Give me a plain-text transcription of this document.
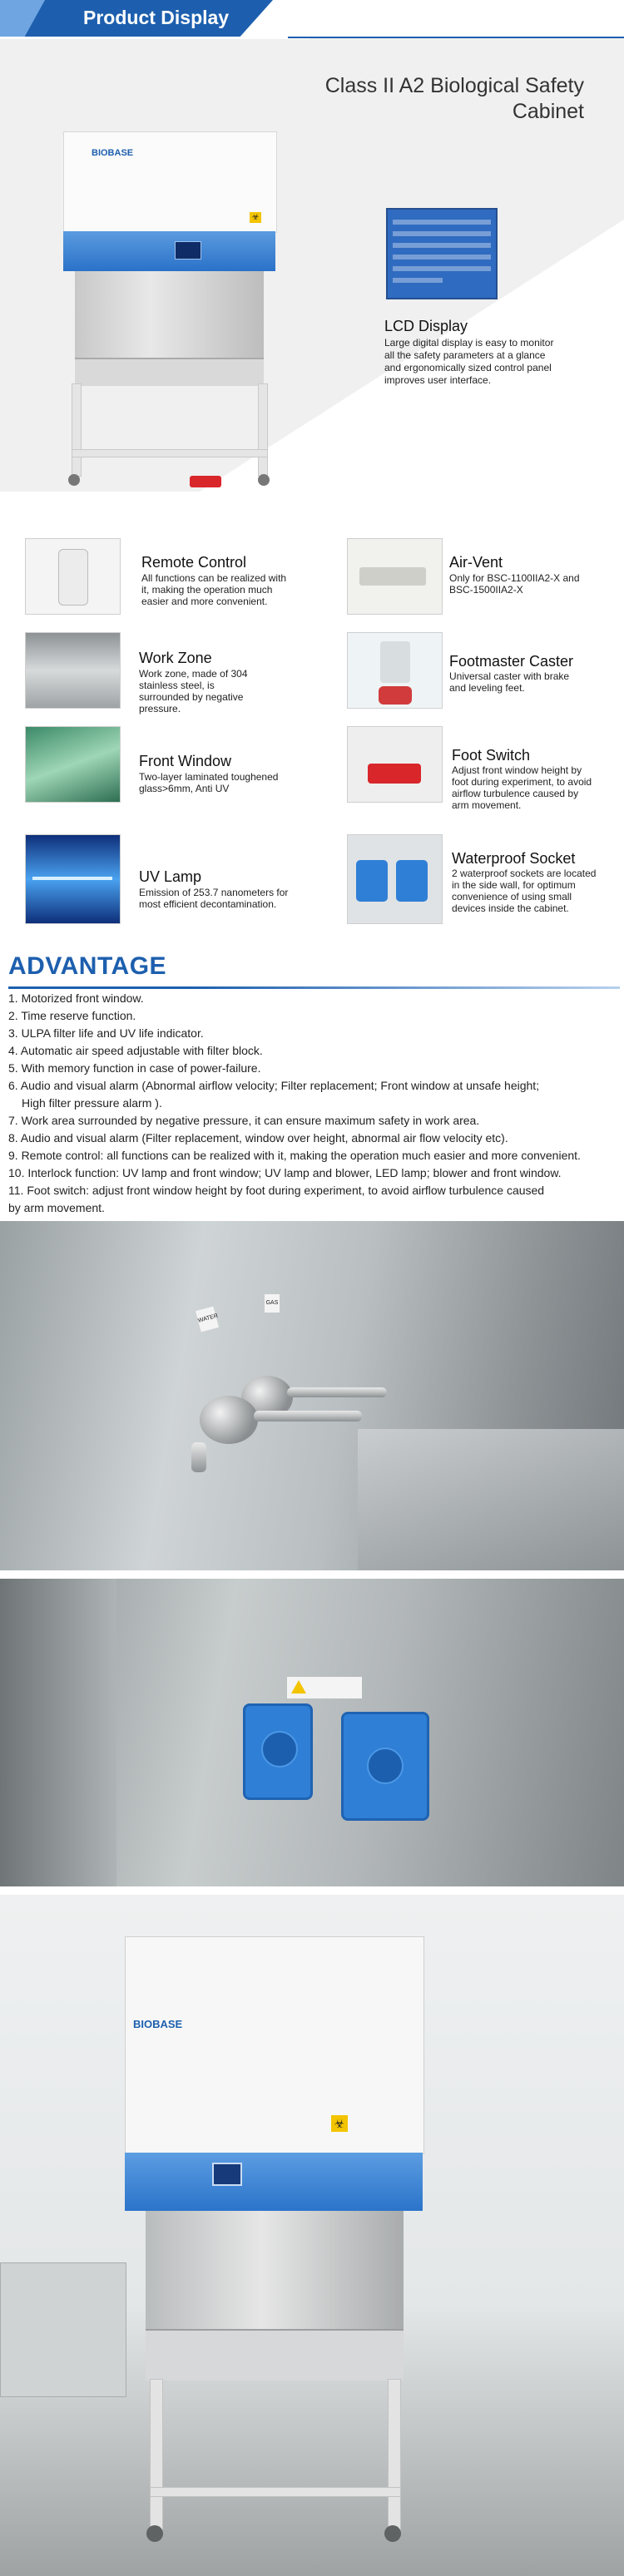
Product Display
Class II A2 Biological Safety
Cabinet
BIOBASE
☣
LCD Display
Large digital display is easy to monitor all the safety parameters at a glance and ergonomically sized control panel improves user interface.
Remote Control
All functions can be realized with it, making the operation much easier and more convenient.
Air-Vent
Only for BSC-1100IIA2-X and BSC-1500IIA2-X
Work Zone
Work zone, made of 304 stainless steel, is surrounded by negative pressure.
Footmaster Caster
Universal caster with brake and leveling feet.
Front Window
Two-layer laminated toughened glass>6mm, Anti UV
Foot Switch
Adjust front window height by foot during experiment, to avoid airflow turbulence caused by arm movement.
UV Lamp
Emission of 253.7 nanometers for most efficient decontamination.
Waterproof Socket
2 waterproof sockets are located in the side wall, for optimum convenience of using small devices inside the cabinet.
ADVANTAGE
1. Motorized front window.
2. Time reserve function.
3. ULPA filter life and UV life indicator.
4. Automatic air speed adjustable with filter block.
5. With memory function in case of power-failure.
6. Audio and visual alarm (Abnormal airflow velocity; Filter replacement; Front window at unsafe height;
High filter pressure alarm ).
7. Work area surrounded by negative pressure, it can ensure maximum safety in work area.
8. Audio and visual alarm (Filter replacement, window over height, abnormal air flow velocity etc).
9. Remote control: all functions can be realized with it, making the operation much easier and more convenient.
10. Interlock function: UV lamp and front window; UV lamp and blower, LED lamp; blower and front window.
11. Foot switch: adjust front window height by foot during experiment, to avoid airflow turbulence caused
by arm movement.
WATER
GAS
BIOBASE
☣
